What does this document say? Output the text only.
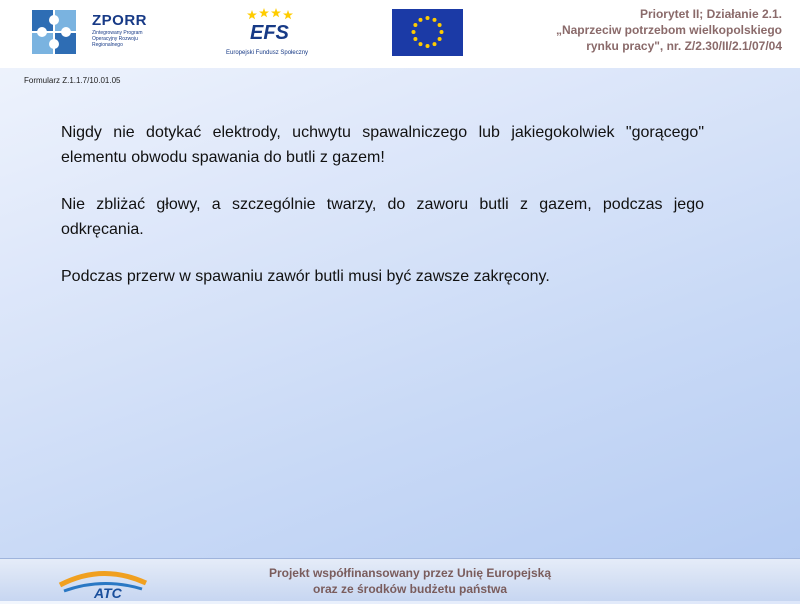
ZPORR
Zintegrowany Program Operacyjny Rozwoju Regionalnego
EFS
Europejski Fundusz Społeczny
Priorytet II; Działanie 2.1.
„Naprzeciw potrzebom wielkopolskiego
rynku pracy", nr. Z/2.30/II/2.1/07/04
Formularz Z.1.1.7/10.01.05

Nigdy nie dotykać elektrody, uchwytu spawalniczego lub jakiegokolwiek "gorącego" elementu obwodu spawania do butli z gazem!

Nie zbliżać głowy, a szczególnie twarzy, do zaworu butli z gazem, podczas jego odkręcania.

Podczas przerw w spawaniu zawór butli musi być zawsze zakręcony.

ATC
Projekt współfinansowany przez Unię Europejską
oraz ze środków budżetu państwa
